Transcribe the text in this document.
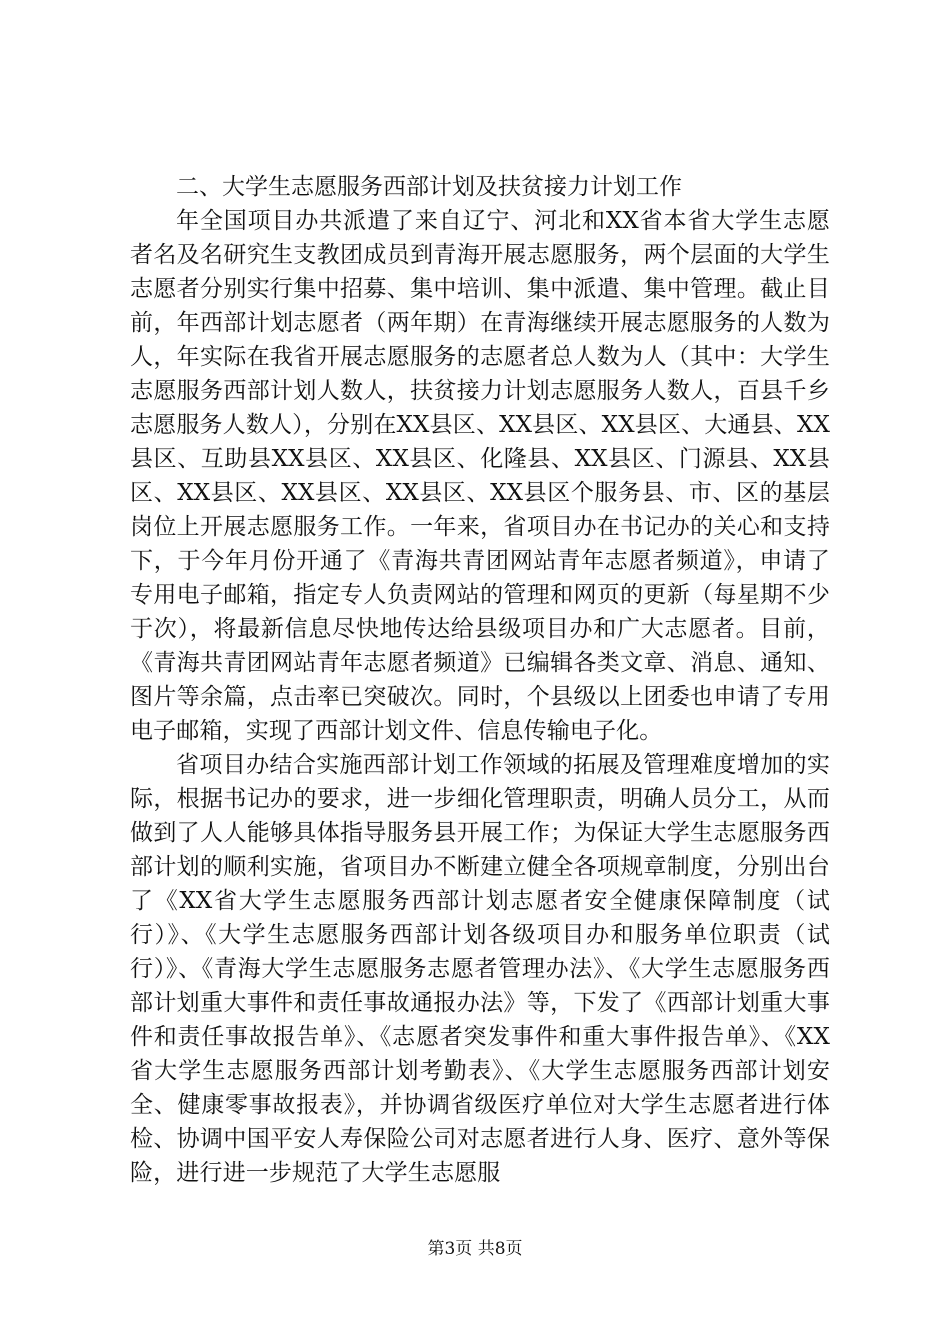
二、大学生志愿服务西部计划及扶贫接力计划工作

年全国项目办共派遣了来自辽宁、河北和XX省本省大学生志愿者名及名研究生支教团成员到青海开展志愿服务，两个层面的大学生志愿者分别实行集中招募、集中培训、集中派遣、集中管理。截止目前，年西部计划志愿者（两年期）在青海继续开展志愿服务的人数为人，年实际在我省开展志愿服务的志愿者总人数为人（其中：大学生志愿服务西部计划人数人，扶贫接力计划志愿服务人数人，百县千乡志愿服务人数人），分别在XX县区、XX县区、XX县区、大通县、XX县区、互助县XX县区、XX县区、化隆县、XX县区、门源县、XX县区、XX县区、XX县区、XX县区、XX县区个服务县、市、区的基层岗位上开展志愿服务工作。一年来，省项目办在书记办的关心和支持下，于今年月份开通了《青海共青团网站青年志愿者频道》，申请了专用电子邮箱，指定专人负责网站的管理和网页的更新（每星期不少于次），将最新信息尽快地传达给县级项目办和广大志愿者。目前，《青海共青团网站青年志愿者频道》已编辑各类文章、消息、通知、图片等余篇，点击率已突破次。同时，个县级以上团委也申请了专用电子邮箱，实现了西部计划文件、信息传输电子化。

省项目办结合实施西部计划工作领域的拓展及管理难度增加的实际，根据书记办的要求，进一步细化管理职责，明确人员分工，从而做到了人人能够具体指导服务县开展工作；为保证大学生志愿服务西部计划的顺利实施，省项目办不断建立健全各项规章制度，分别出台了《XX省大学生志愿服务西部计划志愿者安全健康保障制度（试行）》、《大学生志愿服务西部计划各级项目办和服务单位职责（试行）》、《青海大学生志愿服务志愿者管理办法》、《大学生志愿服务西部计划重大事件和责任事故通报办法》等，下发了《西部计划重大事件和责任事故报告单》、《志愿者突发事件和重大事件报告单》、《XX省大学生志愿服务西部计划考勤表》、《大学生志愿服务西部计划安全、健康零事故报表》，并协调省级医疗单位对大学生志愿者进行体检、协调中国平安人寿保险公司对志愿者进行人身、医疗、意外等保险，进行进一步规范了大学生志愿服

第3页 共8页
